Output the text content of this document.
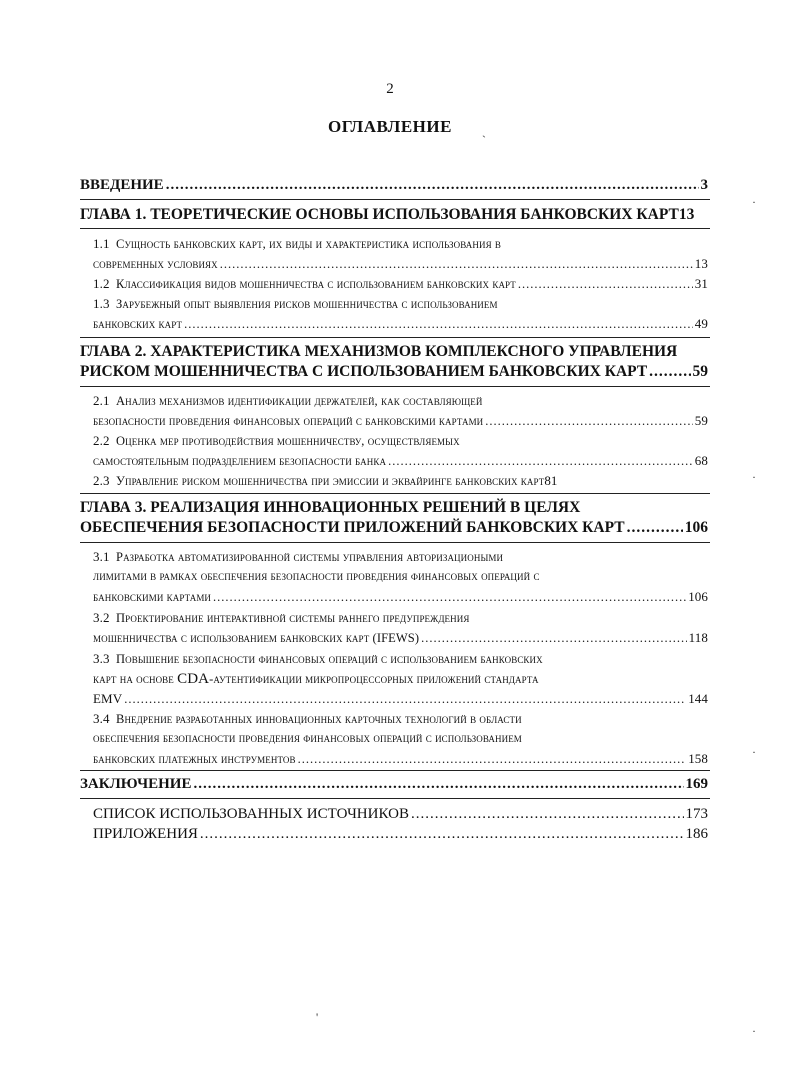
2
ОГЛАВЛЕНИЕ	ˏ
ВВЕДЕНИЕ .....	3
ГЛАВА 1. ТЕОРЕТИЧЕСКИЕ ОСНОВЫ ИСПОЛЬЗОВАНИЯ БАНКОВСКИХ КАРТ13
1.1 Сущность банковских карт, их виды и характеристика использования в
современных условиях .....	13
1.2 Классификация видов мошенничества с использованием банковских карт .....	31
1.3 Зарубежный опыт выявления рисков мошенничества с использованием
банковских карт .....	49
ГЛАВА 2. ХАРАКТЕРИСТИКА МЕХАНИЗМОВ КОМПЛЕКСНОГО УПРАВЛЕНИЯ
РИСКОМ МОШЕННИЧЕСТВА С ИСПОЛЬЗОВАНИЕМ БАНКОВСКИХ КАРТ .....	59
2.1 Анализ механизмов идентификации держателей, как составляющей
безопасности проведения финансовых операций с банковскими картами .....	59
2.2 Оценка мер противодействия мошенничеству, осуществляемых
самостоятельным подразделением безопасности банка .....	68
2.3 Управление риском мошенничества при эмиссии и эквайринге банковских карт81
ГЛАВА 3. РЕАЛИЗАЦИЯ ИННОВАЦИОННЫХ РЕШЕНИЙ В ЦЕЛЯХ
ОБЕСПЕЧЕНИЯ БЕЗОПАСНОСТИ ПРИЛОЖЕНИЙ БАНКОВСКИХ КАРТ .....	106
3.1 Разработка автоматизированной системы управления авторизациоными
лимитами в рамках обеспечения безопасности проведения финансовых операций с
банковскими картами .....	106
3.2 Проектирование интерактивной системы раннего предупреждения
мошенничества с использованием банковских карт (IFEWS) .....	118
3.3 Повышение безопасности финансовых операций с использованием банковских
карт на основе CDA-аутентификации микропроцессорных приложений стандарта
EMV .....	144
3.4 Внедрение разработанных инновационных карточных технологий в области
обеспечения безопасности проведения финансовых операций с использованием
банковских платежных инструментов .....	158
ЗАКЛЮЧЕНИЕ .....	169
СПИСОК ИСПОЛЬЗОВАННЫХ ИСТОЧНИКОВ .....	173
ПРИЛОЖЕНИЯ .....	186
·
·
·
'
·
